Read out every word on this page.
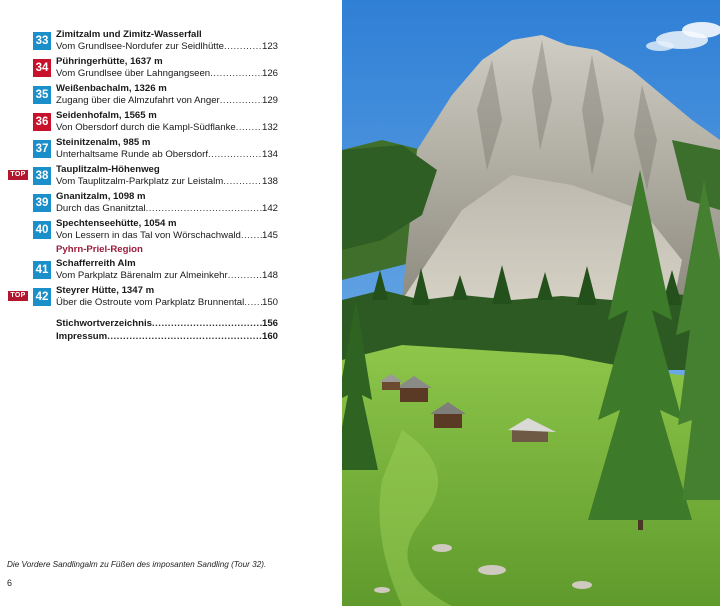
33
Zimitzalm und Zimitz-Wasserfall
Vom Grundlsee-Nordufer zur Seidlhütte .....	123
34
Pühringerhütte, 1637 m
Vom Grundlsee über Lahngangseen .....	126
35
Weißenbachalm, 1326 m
Zugang über die Almzufahrt von Anger .....	129
36
Seidenhofalm, 1565 m
Von Obersdorf durch die Kampl-Südflanke .....	132
37
Steinitzenalm, 985 m
Unterhaltsame Runde ab Obersdorf .....	134
TOP 38
Tauplitzalm-Höhenweg
Vom Tauplitzalm-Parkplatz zur Leistalm .....	138
39
Gnanitzalm, 1098 m
Durch das Gnanitztal .....	142
40
Spechtenseehütte, 1054 m
Von Lessern in das Tal von Wörschachwald ..... 145
Pyhrn-Priel-Region
41
Schafferreith Alm
Vom Parkplatz Bärenalm zur Almeinkehr .....	148
TOP 42
Steyrer Hütte, 1347 m
Über die Ostroute vom Parkplatz Brunnental ..... 150
Stichwortverzeichnis .....	156
Impressum .....	160
Die Vordere Sandlingalm zu Füßen des imposanten Sandling (Tour 32).
6
